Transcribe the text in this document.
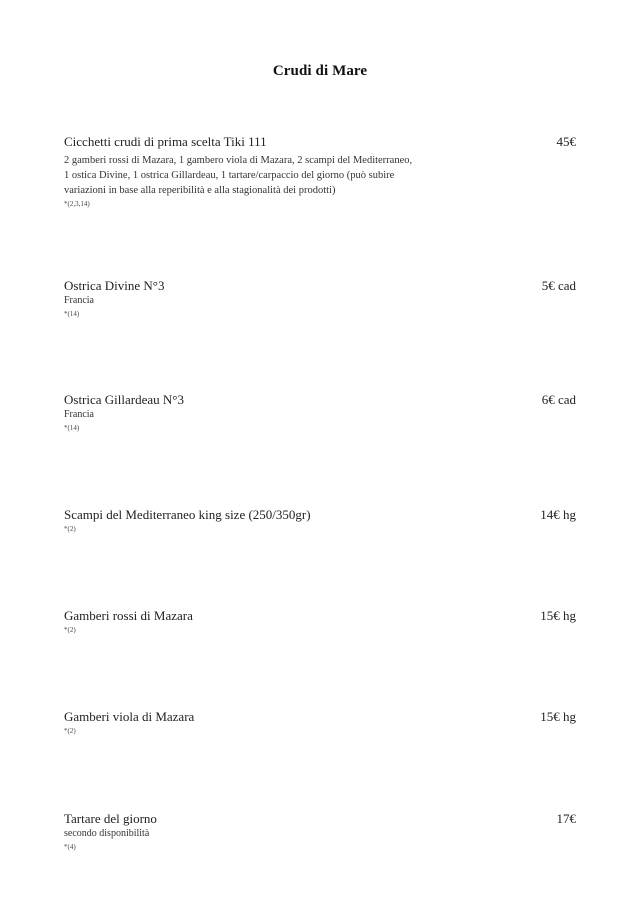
Crudi di Mare
Cicchetti crudi di prima scelta Tiki 111	45€
2 gamberi rossi di Mazara, 1 gambero viola di Mazara, 2 scampi del Mediterraneo,
1 ostica Divine, 1 ostrica Gillardeau, 1 tartare/carpaccio del giorno (può subire
variazioni in base alla reperibilità e alla stagionalità dei prodotti)
*(2,3,14)
Ostrica Divine N°3	5€ cad
Francia
*(14)
Ostrica Gillardeau N°3	6€ cad
Francia
*(14)
Scampi del Mediterraneo king size (250/350gr)	14€ hg
*(2)
Gamberi rossi di Mazara	15€ hg
*(2)
Gamberi viola di Mazara	15€ hg
*(2)
Tartare del giorno	17€
secondo disponibilità
*(4)
